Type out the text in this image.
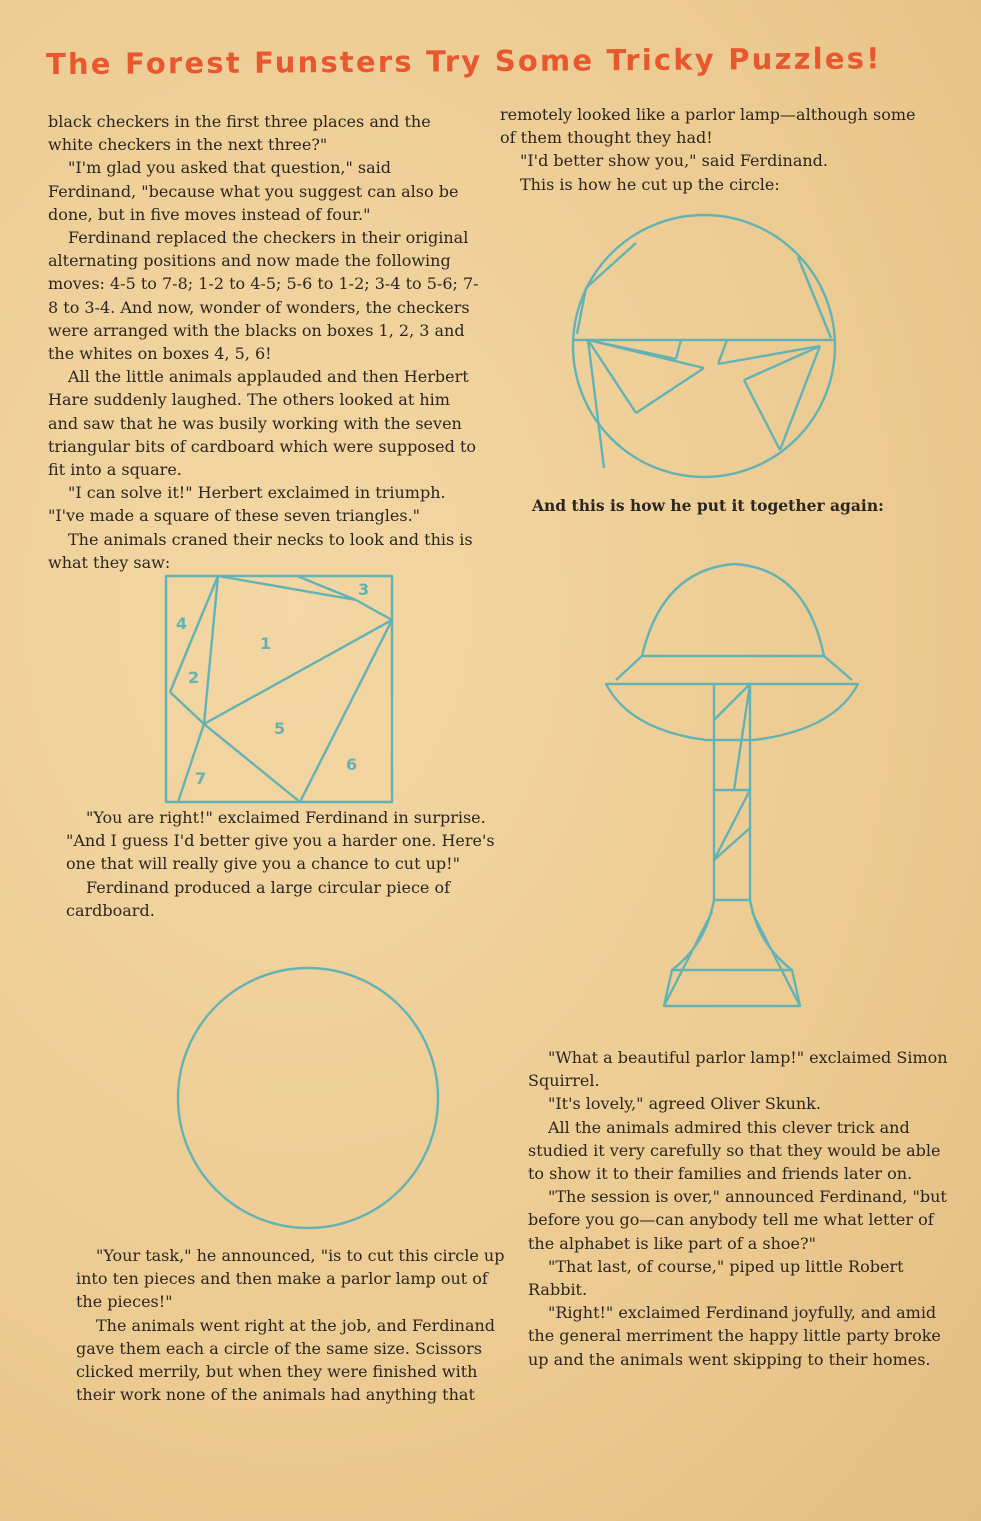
The Forest Funsters Try Some Tricky Puzzles!

black checkers in the first three places and the white checkers in the next three?"

"I'm glad you asked that question," said Ferdinand, "because what you suggest can also be done, but in five moves instead of four."

Ferdinand replaced the checkers in their original alternating positions and now made the following moves: 4-5 to 7-8; 1-2 to 4-5; 5-6 to 1-2; 3-4 to 5-6; 7-8 to 3-4. And now, wonder of wonders, the checkers were arranged with the blacks on boxes 1, 2, 3 and the whites on boxes 4, 5, 6!

All the little animals applauded and then Herbert Hare suddenly laughed. The others looked at him and saw that he was busily working with the seven triangular bits of cardboard which were supposed to fit into a square.

"I can solve it!" Herbert exclaimed in triumph. "I've made a square of these seven triangles."

The animals craned their necks to look and this is what they saw:

3
4
1
2
5
6
7

"You are right!" exclaimed Ferdinand in surprise. "And I guess I'd better give you a harder one. Here's one that will really give you a chance to cut up!"

Ferdinand produced a large circular piece of cardboard.

"Your task," he announced, "is to cut this circle up into ten pieces and then make a parlor lamp out of the pieces!"

The animals went right at the job, and Ferdinand gave them each a circle of the same size. Scissors clicked merrily, but when they were finished with their work none of the animals had anything that

remotely looked like a parlor lamp—although some of them thought they had!

"I'd better show you," said Ferdinand.

This is how he cut up the circle:

And this is how he put it together again:

"What a beautiful parlor lamp!" exclaimed Simon Squirrel.

"It's lovely," agreed Oliver Skunk.

All the animals admired this clever trick and studied it very carefully so that they would be able to show it to their families and friends later on.

"The session is over," announced Ferdinand, "but before you go—can anybody tell me what letter of the alphabet is like part of a shoe?"

"That last, of course," piped up little Robert Rabbit.

"Right!" exclaimed Ferdinand joyfully, and amid the general merriment the happy little party broke up and the animals went skipping to their homes.
